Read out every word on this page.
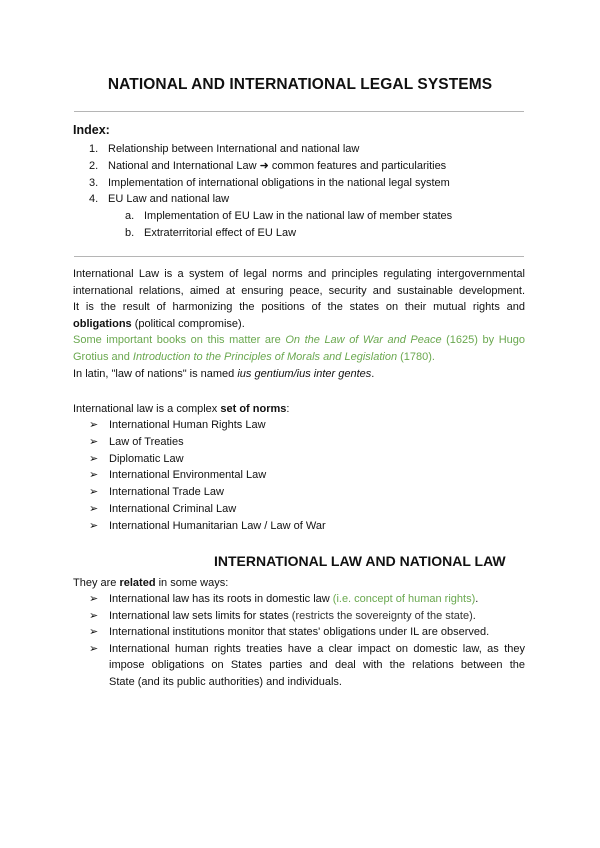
NATIONAL AND INTERNATIONAL LEGAL SYSTEMS
Index:
1. Relationship between International and national law
2. National and International Law ➜ common features and particularities
3. Implementation of international obligations in the national legal system
4. EU Law and national law
a. Implementation of EU Law in the national law of member states
b. Extraterritorial effect of EU Law

International Law is a system of legal norms and principles regulating intergovernmental
international relations, aimed at ensuring peace, security and sustainable development.
It is the result of harmonizing the positions of the states on their mutual rights and
obligations (political compromise).
Some important books on this matter are On the Law of War and Peace (1625) by Hugo
Grotius and Introduction to the Principles of Morals and Legislation (1780).
In latin, "law of nations" is named ius gentium/ius inter gentes.

International law is a complex set of norms:

➢ International Human Rights Law
➢ Law of Treaties
➢ Diplomatic Law
➢ International Environmental Law
➢ International Trade Law
➢ International Criminal Law
➢ International Humanitarian Law / Law of War
INTERNATIONAL LAW AND NATIONAL LAW

They are related in some ways:

➢ International law has its roots in domestic law (i.e. concept of human rights).
➢ International law sets limits for states (restricts the sovereignty of the state).
➢ International institutions monitor that states' obligations under IL are observed.
➢ International human rights treaties have a clear impact on domestic law, as they
impose obligations on States parties and deal with the relations between the
State (and its public authorities) and individuals.
